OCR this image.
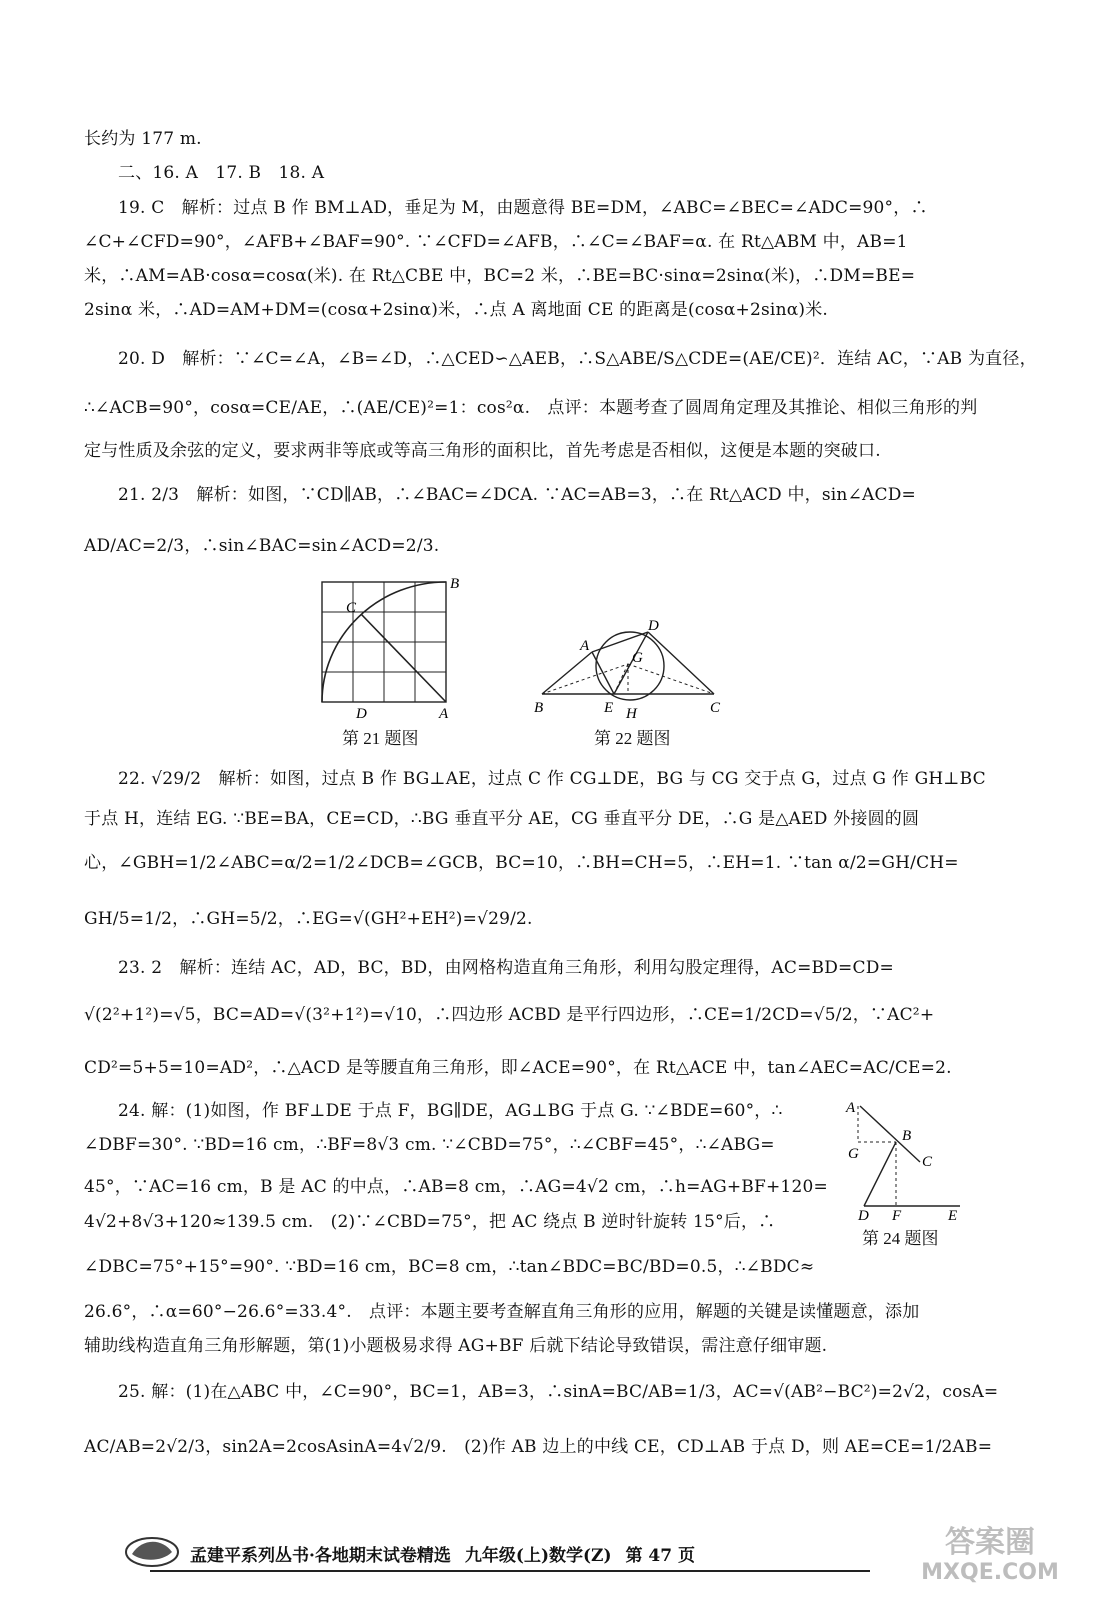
长约为 177 m.
二、16. A　17. B　18. A
19. C　解析：过点 B 作 BM⊥AD，垂足为 M，由题意得 BE=DM，∠ABC=∠BEC=∠ADC=90°，∴
∠C+∠CFD=90°，∠AFB+∠BAF=90°. ∵∠CFD=∠AFB，∴∠C=∠BAF=α. 在 Rt△ABM 中，AB=1
米，∴AM=AB·cosα=cosα(米). 在 Rt△CBE 中，BC=2 米，∴BE=BC·sinα=2sinα(米)，∴DM=BE=
2sinα 米，∴AD=AM+DM=(cosα+2sinα)米，∴点 A 离地面 CE 的距离是(cosα+2sinα)米.
20. D　解析：∵∠C=∠A，∠B=∠D，∴△CED∽△AEB，∴S△ABE/S△CDE=(AE/CE)²．连结 AC，∵AB 为直径，
∴∠ACB=90°，cosα=CE/AE，∴(AE/CE)²=1：cos²α.　点评：本题考查了圆周角定理及其推论、相似三角形的判
定与性质及余弦的定义，要求两非等底或等高三角形的面积比，首先考虑是否相似，这便是本题的突破口.
21. 2/3　解析：如图，∵CD∥AB，∴∠BAC=∠DCA. ∵AC=AB=3，∴在 Rt△ACD 中，sin∠ACD=
AD/AC=2/3，∴sin∠BAC=sin∠ACD=2/3.
B
C
D	A
第 21 题图
D
A
G
B	E H	C
第 22 题图
22. √29/2　解析：如图，过点 B 作 BG⊥AE，过点 C 作 CG⊥DE，BG 与 CG 交于点 G，过点 G 作 GH⊥BC
于点 H，连结 EG. ∵BE=BA，CE=CD，∴BG 垂直平分 AE，CG 垂直平分 DE，∴G 是△AED 外接圆的圆
心，∠GBH=1/2∠ABC=α/2=1/2∠DCB=∠GCB，BC=10，∴BH=CH=5，∴EH=1. ∵tan α/2=GH/CH=
GH/5=1/2，∴GH=5/2，∴EG=√(GH²+EH²)=√29/2.
23. 2　解析：连结 AC，AD，BC，BD，由网格构造直角三角形，利用勾股定理得，AC=BD=CD=
√(2²+1²)=√5，BC=AD=√(3²+1²)=√10，∴四边形 ACBD 是平行四边形，∴CE=1/2CD=√5/2，∵AC²+
CD²=5+5=10=AD²，∴△ACD 是等腰直角三角形，即∠ACE=90°，在 Rt△ACE 中，tan∠AEC=AC/CE=2.
24. 解：(1)如图，作 BF⊥DE 于点 F，BG∥DE，AG⊥BG 于点 G. ∵∠BDE=60°，∴
∠DBF=30°. ∵BD=16 cm，∴BF=8√3 cm. ∵∠CBD=75°，∴∠CBF=45°，∴∠ABG=
45°，∵AC=16 cm，B 是 AC 的中点，∴AB=8 cm，∴AG=4√2 cm，∴h=AG+BF+120=
4√2+8√3+120≈139.5 cm.　(2)∵∠CBD=75°，把 AC 绕点 B 逆时针旋转 15°后，∴
∠DBC=75°+15°=90°. ∵BD=16 cm，BC=8 cm，∴tan∠BDC=BC/BD=0.5，∴∠BDC≈
A
B
G	C
D F	E
第 24 题图
26.6°，∴α=60°−26.6°=33.4°.　点评：本题主要考查解直角三角形的应用，解题的关键是读懂题意，添加
辅助线构造直角三角形解题，第(1)小题极易求得 AG+BF 后就下结论导致错误，需注意仔细审题.
25. 解：(1)在△ABC 中，∠C=90°，BC=1，AB=3，∴sinA=BC/AB=1/3，AC=√(AB²−BC²)=2√2，cosA=
AC/AB=2√2/3，sin2A=2cosAsinA=4√2/9.　(2)作 AB 边上的中线 CE，CD⊥AB 于点 D，则 AE=CE=1/2AB=
孟建平系列丛书·各地期末试卷精选 九年级(上)数学(Z) 第 47 页	答案圈
MXQE.COM
